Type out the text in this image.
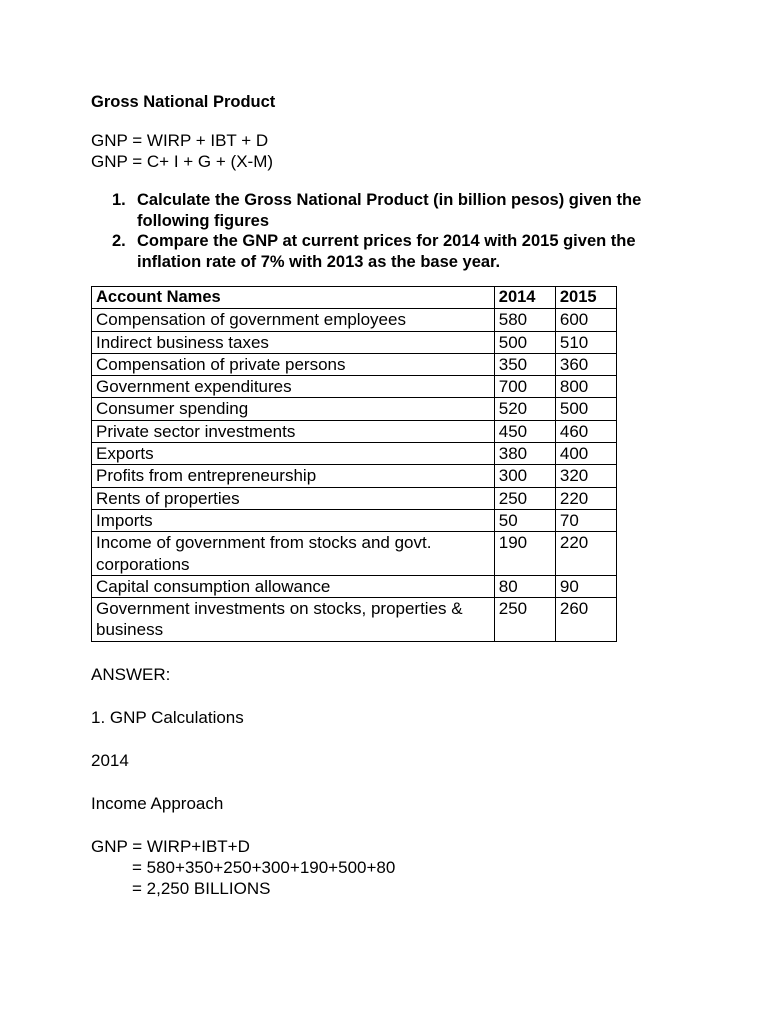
Gross National Product

GNP = WIRP + IBT + D

GNP = C+ I + G + (X-M)

1. Calculate the Gross National Product (in billion pesos) given the following figures
2. Compare the GNP at current prices for 2014 with 2015 given the inflation rate of 7% with 2013 as the base year.
Account Names	2014	2015
Compensation of government employees	580	600
Indirect business taxes	500	510
Compensation of private persons	350	360
Government expenditures	700	800
Consumer spending	520	500
Private sector investments	450	460
Exports	380	400
Profits from entrepreneurship	300	320
Rents of properties	250	220
Imports	50	70
Income of government from stocks and govt. corporations	190	220
Capital consumption allowance	80	90
Government investments on stocks, properties & business	250	260

ANSWER:

1. GNP Calculations

2014

Income Approach

GNP = WIRP+IBT+D

= 580+350+250+300+190+500+80

= 2,250 BILLIONS
